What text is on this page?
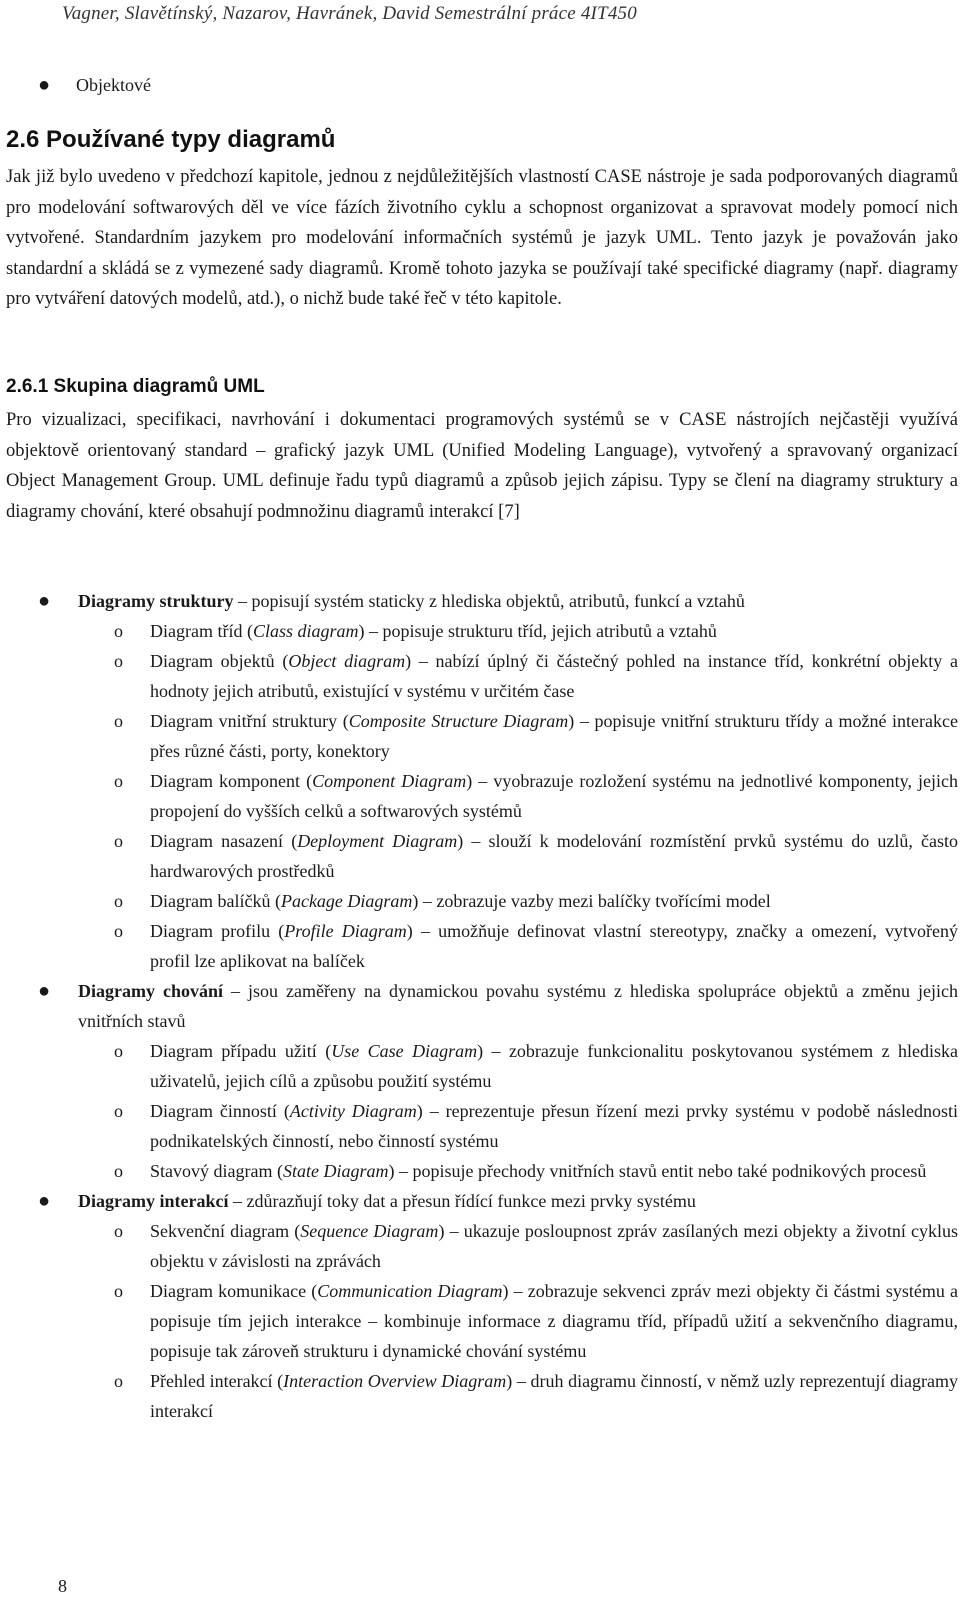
Vagner, Slavětínský, Nazarov, Havránek, David Semestrální práce 4IT450
● Objektové
2.6 Používané typy diagramů
Jak již bylo uvedeno v předchozí kapitole, jednou z nejdůležitějších vlastností CASE nástroje je sada podporovaných diagramů pro modelování softwarových děl ve více fázích životního cyklu a schopnost organizovat a spravovat modely pomocí nich vytvořené. Standardním jazykem pro modelování informačních systémů je jazyk UML. Tento jazyk je považován jako standardní a skládá se z vymezené sady diagramů. Kromě tohoto jazyka se používají také specifické diagramy (např. diagramy pro vytváření datových modelů, atd.), o nichž bude také řeč v této kapitole.
2.6.1 Skupina diagramů UML
Pro vizualizaci, specifikaci, navrhování i dokumentaci programových systémů se v CASE nástrojích nejčastěji využívá objektově orientovaný standard – grafický jazyk UML (Unified Modeling Language), vytvořený a spravovaný organizací Object Management Group. UML definuje řadu typů diagramů a způsob jejich zápisu. Typy se člení na diagramy struktury a diagramy chování, které obsahují podmnožinu diagramů interakcí [7]
● Diagramy struktury – popisují systém staticky z hlediska objektů, atributů, funkcí a vztahů
o Diagram tříd (Class diagram) – popisuje strukturu tříd, jejich atributů a vztahů
o Diagram objektů (Object diagram) – nabízí úplný či částečný pohled na instance tříd, konkrétní objekty a hodnoty jejich atributů, existující v systému v určitém čase
o Diagram vnitřní struktury (Composite Structure Diagram) – popisuje vnitřní strukturu třídy a možné interakce přes různé části, porty, konektory
o Diagram komponent (Component Diagram) – vyobrazuje rozložení systému na jednotlivé komponenty, jejich propojení do vyšších celků a softwarových systémů
o Diagram nasazení (Deployment Diagram) – slouží k modelování rozmístění prvků systému do uzlů, často hardwarových prostředků
o Diagram balíčků (Package Diagram) – zobrazuje vazby mezi balíčky tvořícími model
o Diagram profilu (Profile Diagram) – umožňuje definovat vlastní stereotypy, značky a omezení, vytvořený profil lze aplikovat na balíček
● Diagramy chování – jsou zaměřeny na dynamickou povahu systému z hlediska spolupráce objektů a změnu jejich vnitřních stavů
o Diagram případu užití (Use Case Diagram) – zobrazuje funkcionalitu poskytovanou systémem z hlediska uživatelů, jejich cílů a způsobu použití systému
o Diagram činností (Activity Diagram) – reprezentuje přesun řízení mezi prvky systému v podobě následnosti podnikatelských činností, nebo činností systému
o Stavový diagram (State Diagram) – popisuje přechody vnitřních stavů entit nebo také podnikových procesů
● Diagramy interakcí – zdůrazňují toky dat a přesun řídící funkce mezi prvky systému
o Sekvenční diagram (Sequence Diagram) – ukazuje posloupnost zpráv zasílaných mezi objekty a životní cyklus objektu v závislosti na zprávách
o Diagram komunikace (Communication Diagram) – zobrazuje sekvenci zpráv mezi objekty či částmi systému a popisuje tím jejich interakce – kombinuje informace z diagramu tříd, případů užití a sekvenčního diagramu, popisuje tak zároveň strukturu i dynamické chování systému
o Přehled interakcí (Interaction Overview Diagram) – druh diagramu činností, v němž uzly reprezentují diagramy interakcí
8
